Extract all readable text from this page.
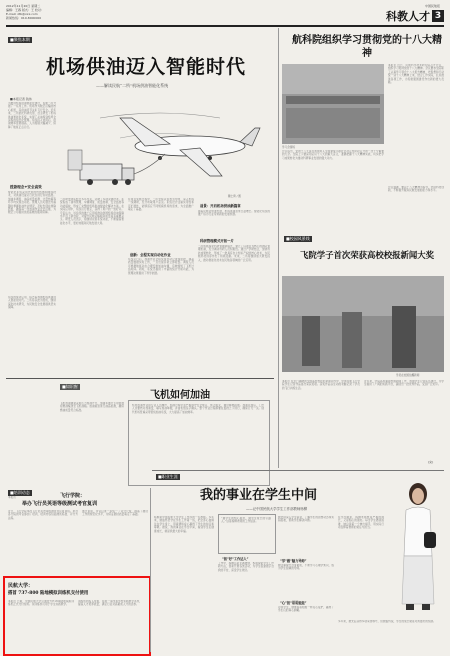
2012年11月20日 星期二
编辑：王蓉 版式：王 校对：
E-mail: ztb@xxx.com
新闻热线：010-8000000
中国民航报
科教人才 3
■聚焦本期
机场供油迈入智能时代
——解读民航“二所”机场供油智能化系统
■本报记者 钱伟
为推进机场供油智能化建设，民航二所开展了一系列工作。机场作为航空运输的核心枢纽，其供油环节关系飞行安全。近年来，二所依托科研优势，自主研发了机场供油智能化系统，实现了从油库到机坪全流程的信息化管理。系统投入使用后，供油效率显著提高，人为差错大幅减少，保障了航班正点运行。
拨款理念+安全高效
智能化系统采用先进的传感器和网络技术，对供油设备运行状态进行实时监控。加油车调度、油品质量检测、计量结算等环节均实现自动化。管理人员可通过终端随时掌握供油作业情况，及时发现并排除隐患，确保每一次加油作业安全可靠，为航空公司提供优质高效的服务保障。
魏士琦 / 图
二所研发团队经过多年攻关，突破了多项关键技术。系统集成了油料管理、车辆调度、质量控制、安全监控等功能模块，形成了完整的机场供油智能化解决方案。在实际应用中，系统运行稳定，获得了用户的一致好评。专家认为，该系统的推广应用将推动我国机场供油保障水平迈上新台阶，对提升民航运输服务质量具有重要意义。研发人员表示，将继续完善系统功能，不断提高智能化水平，更好地服务民航发展大局。
在项目实施过程中，二所坚持以需求为导向，深入机场一线调研，充分听取用户意见。系统设计注重实用性和可扩展性，能够适应不同规模机场的需求，为全面推广奠定了基础。
创新：全程实现自动化作业
系统运行后，加油作业全程实现自动记录和监控，油品质量数据实时上传，一旦出现异常立即报警。调度人员可根据航班动态合理安排加油车辆，有效缩短了飞机过站时间。同时，系统还提供了丰富的统计分析功能，为管理决策提供了科学依据。
前景：开启机场供油新篇章
随着民航业快速发展，机场供油需求日益增长。智能化系统的推广将为行业带来新的发展机遇。
科研管理模式开拓一片
二所积极探索科研管理新模式，建立了以项目为核心的团队管理机制，充分调动科研人员积极性。通过产学研结合，加快科技成果转化，形成了一批具有自主知识产权的核心技术，为民航科技进步作出了积极贡献。未来，二所将继续加大研发投入，推动智能化技术在民航各领域的广泛应用。
系统的成功应用，标志着我国机场供油进入智能化时代。二所将以此为契机，继续深化技术研究，为民航安全发展提供坚实保障。
■知识窗
飞机如何加油
飞机加油通常采用压力加油方式，加油车通过专用管道将燃油输送至飞机油箱。加油前需进行油品检测，确保燃油质量符合标准。
机坪加油作业由专业人员操作，加油过程中需严格遵守安全规定，禁止明火，做好静电接地。加油完成后，工作人员要核对加油量，填写加油单据，并由机组签字确认。整个作业过程都要在监控之下进行，确保万无一失。现代机场普遍采用管线加油系统，大大提高了加油效率。
■培训动态
飞行学院：
举办飞行员英语等级测试考官复训
近日，飞行学院举办飞行员英语等级测试考官复训班。来自各分院的考官参加了培训，培训内容包括测试标准、评分方法等。
通过复训，考官们进一步统一了评分尺度，提高了测试工作的规范化水平，为保证测试质量奠定了基础。
本报讯
民航大学：
搭首 737-800 陆地模拟训练机交付使用
本报讯 日前，中国民航大学引进的737-800陆地模拟训练机正式交付使用。该训练机可用于学生实践教学。
训练机的投入使用，将进一步改善学校实践教学条件，提高人才培养质量，满足行业对高素质人才的需求。
航科院组织学习贯彻党的十八大精神
学习会现场
本报讯 近日，民航科学技术研究院召开会议，组织学习贯彻党的十八大精神。会议要求全院职工认真学习领会十八大报告精神，把思想和行动统一到十八大精神上来，结合工作实际，扎实推进各项工作，为民航强国建设作出新的更大贡献。
会议指出，党的十八大是在我国进入全面建成小康社会决定性阶段召开的一次十分重要的大会。全院上下要深刻认识十八大的重大意义，准确把握十八大精神实质，切实把学习成果转化为推动科研事业发展的强大动力。
会议强调，要以十八大精神为指导，坚持科技创新，不断提升服务民航发展的能力和水平。
■校园风景线
飞院学子首次荣获高校校报新闻大奖
学员在校园拍摄新闻
本报讯 在近日揭晓的全国高校校报好新闻评选中，中国民航飞行学院学生记者作品首次荣获奖项。获奖作品以生动的笔触记录了学员的飞行训练生活。
近年来，学院高度重视校园新闻工作，加强学生记者队伍建设，为学生提供了广阔的实践平台，涌现出一批优秀作品，受到广泛好评。
(完)
■职业生涯
我的事业在学生中间
——记中国民航大学学生工作部教师杨柳
杨柳是中国民航大学学生工作部的一名教师。多年来，她始终坚守在学生工作第一线，把全部心血倾注在学生身上，用真情和爱心赢得了学生的信任和尊敬。她说，我的事业在学生中间，看到学生们健康成长，就是我最大的幸福。
“做学生的知心朋友，做学生成长的引路人。”这是杨柳老师的工作信条。
“拓”好“工作达人”
工作中，杨柳总是充满激情，积极探索学生工作新方法，创新开展各类活动，为学生搭建展示自我的平台，深受学生欢迎。
她坚持深入学生宿舍，了解学生的思想动态和实际困难，帮助学生解决问题。
“学”做“魅力导师”
她注重提升自身素质，不断学习心理学知识，成为学生信赖的导师。
“心”担“哥哥姐姐”
对待学生，她像哥哥姐姐一样关心爱护，赢得了学生们的真心拥戴。
在学生眼里，杨柳老师既是严格的师长，又是贴心的朋友。每当学生遇到困难，她总是第一个伸出援手，用实际行动诠释着教师的责任与担当。
多年来，她先后获得多项荣誉称号，但她始终说，学生的成长就是对我最好的奖励。
